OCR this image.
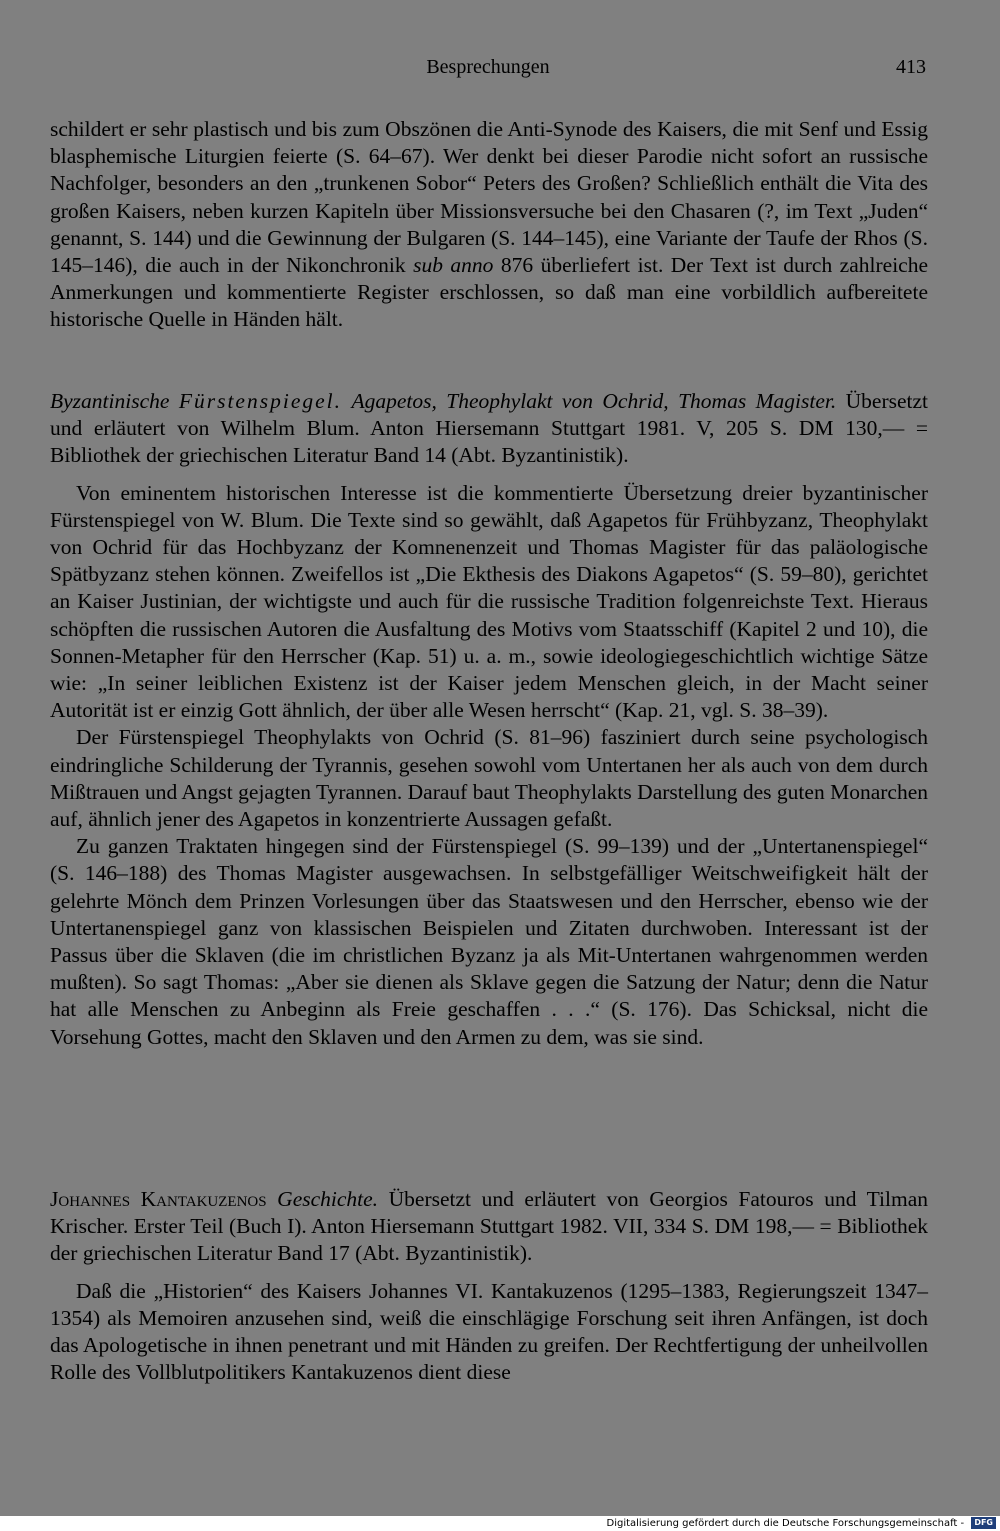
Besprechungen	413

schildert er sehr plastisch und bis zum Obszönen die Anti-Synode des Kaisers, die mit Senf und Essig blasphemische Liturgien feierte (S. 64–67). Wer denkt bei dieser Parodie nicht sofort an russische Nachfolger, besonders an den „trunkenen Sobor“ Peters des Großen? Schließlich enthält die Vita des großen Kaisers, neben kurzen Kapiteln über Missionsversuche bei den Chasaren (?, im Text „Juden“ genannt, S. 144) und die Gewinnung der Bulgaren (S. 144–145), eine Variante der Taufe der Rhos (S. 145–146), die auch in der Nikonchronik sub anno 876 überliefert ist. Der Text ist durch zahlreiche Anmerkungen und kommentierte Register erschlossen, so daß man eine vorbildlich aufbereitete historische Quelle in Händen hält.

Byzantinische Fürstenspiegel. Agapetos, Theophylakt von Ochrid, Thomas Magister. Übersetzt und erläutert von Wilhelm Blum. Anton Hiersemann Stuttgart 1981. V, 205 S. DM 130,— = Bibliothek der griechischen Literatur Band 14 (Abt. Byzantinistik).

Von eminentem historischen Interesse ist die kommentierte Übersetzung dreier byzantinischer Fürstenspiegel von W. Blum. Die Texte sind so gewählt, daß Agapetos für Frühbyzanz, Theophylakt von Ochrid für das Hochbyzanz der Komnenenzeit und Thomas Magister für das paläologische Spätbyzanz stehen können. Zweifellos ist „Die Ekthesis des Diakons Agapetos“ (S. 59–80), gerichtet an Kaiser Justinian, der wichtigste und auch für die russische Tradition folgenreichste Text. Hieraus schöpften die russischen Autoren die Ausfaltung des Motivs vom Staatsschiff (Kapitel 2 und 10), die Sonnen-Metapher für den Herrscher (Kap. 51) u. a. m., sowie ideologiegeschichtlich wichtige Sätze wie: „In seiner leiblichen Existenz ist der Kaiser jedem Menschen gleich, in der Macht seiner Autorität ist er einzig Gott ähnlich, der über alle Wesen herrscht“ (Kap. 21, vgl. S. 38–39).

Der Fürstenspiegel Theophylakts von Ochrid (S. 81–96) fasziniert durch seine psychologisch eindringliche Schilderung der Tyrannis, gesehen sowohl vom Untertanen her als auch von dem durch Mißtrauen und Angst gejagten Tyrannen. Darauf baut Theophylakts Darstellung des guten Monarchen auf, ähnlich jener des Agapetos in konzentrierte Aussagen gefaßt.

Zu ganzen Traktaten hingegen sind der Fürstenspiegel (S. 99–139) und der „Untertanenspiegel“ (S. 146–188) des Thomas Magister ausgewachsen. In selbstgefälliger Weitschweifigkeit hält der gelehrte Mönch dem Prinzen Vorlesungen über das Staatswesen und den Herrscher, ebenso wie der Untertanenspiegel ganz von klassischen Beispielen und Zitaten durchwoben. Interessant ist der Passus über die Sklaven (die im christlichen Byzanz ja als Mit-Untertanen wahrgenommen werden mußten). So sagt Thomas: „Aber sie dienen als Sklave gegen die Satzung der Natur; denn die Natur hat alle Menschen zu Anbeginn als Freie geschaffen . . .“ (S. 176). Das Schicksal, nicht die Vorsehung Gottes, macht den Sklaven und den Armen zu dem, was sie sind.

Johannes Kantakuzenos Geschichte. Übersetzt und erläutert von Georgios Fatouros und Tilman Krischer. Erster Teil (Buch I). Anton Hiersemann Stuttgart 1982. VII, 334 S. DM 198,— = Bibliothek der griechischen Literatur Band 17 (Abt. Byzantinistik).

Daß die „Historien“ des Kaisers Johannes VI. Kantakuzenos (1295–1383, Regierungszeit 1347–1354) als Memoiren anzusehen sind, weiß die einschlägige Forschung seit ihren Anfängen, ist doch das Apologetische in ihnen penetrant und mit Händen zu greifen. Der Rechtfertigung der unheilvollen Rolle des Vollblutpolitikers Kantakuzenos dient diese

Digitalisierung gefördert durch die Deutsche Forschungsgemeinschaft - DFG
